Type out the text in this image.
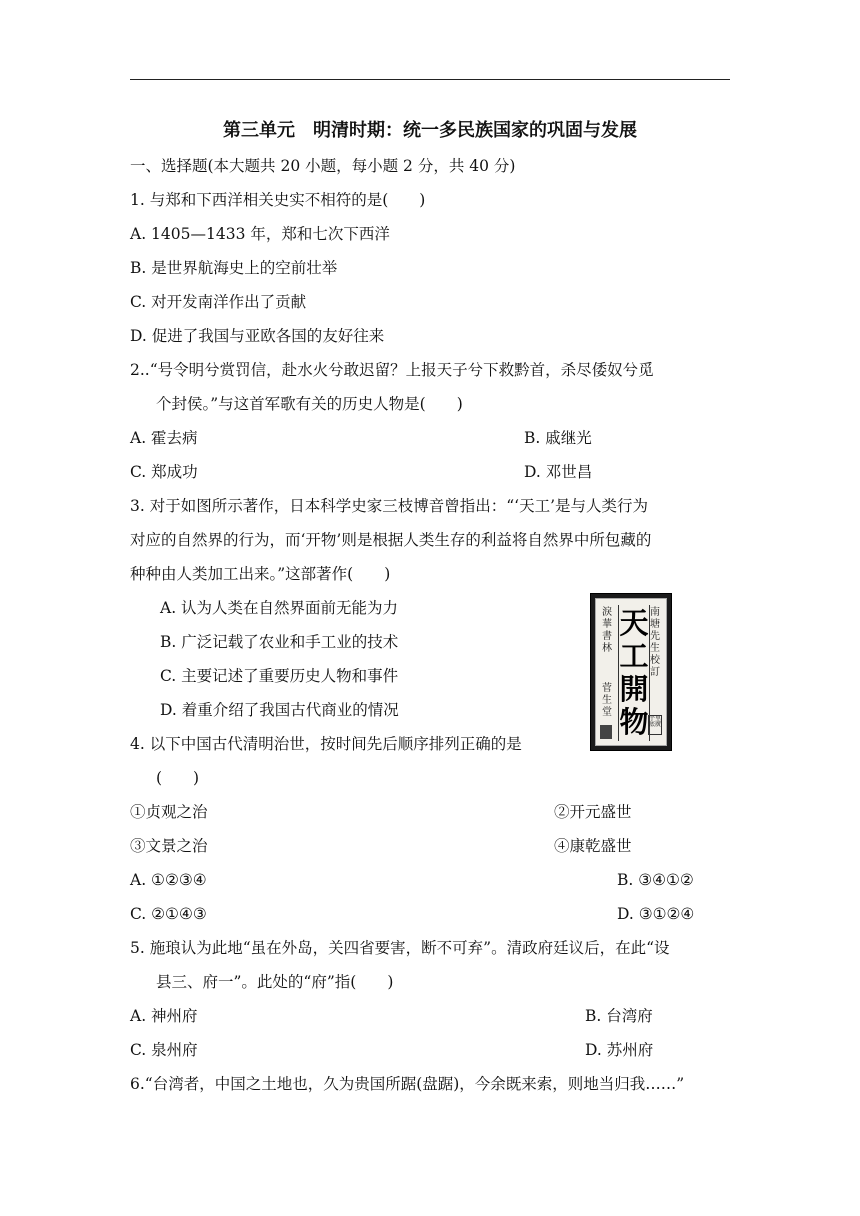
第三单元　明清时期：统一多民族国家的巩固与发展
一、选择题(本大题共 20 小题，每小题 2 分，共 40 分)
1. 与郑和下西洋相关史实不相符的是(　　)
A. 1405—1433 年，郑和七次下西洋
B. 是世界航海史上的空前壮举
C. 对开发南洋作出了贡献
D. 促进了我国与亚欧各国的友好往来
2..“号令明兮赏罚信，赴水火兮敢迟留？上报天子兮下救黔首，杀尽倭奴兮觅
个封侯。”与这首军歌有关的历史人物是(　　)
A. 霍去病	B. 戚继光
C. 郑成功	D. 邓世昌
3. 对于如图所示著作，日本科学史家三枝博音曾指出：“‘天工’是与人类行为
对应的自然界的行为，而‘开物’则是根据人类生存的利益将自然界中所包藏的
种种由人类加工出来。”这部著作(　　)
A. 认为人类在自然界面前无能为力
B. 广泛记载了农业和手工业的技术
C. 主要记述了重要历史人物和事件
D. 着重介绍了我国古代商业的情况
淚華書林
天工開物
南塘先生校訂
菅生堂
宇里底廣
4. 以下中国古代清明治世，按时间先后顺序排列正确的是
(　　)
①贞观之治	②开元盛世
③文景之治	④康乾盛世
A. ①②③④	B. ③④①②
C. ②①④③	D. ③①②④
5. 施琅认为此地“虽在外岛，关四省要害，断不可弃”。清政府廷议后，在此“设
县三、府一”。此处的“府”指(　　)
A. 神州府	B. 台湾府
C. 泉州府	D. 苏州府
6.“台湾者，中国之土地也，久为贵国所踞(盘踞)，今余既来索，则地当归我……”
